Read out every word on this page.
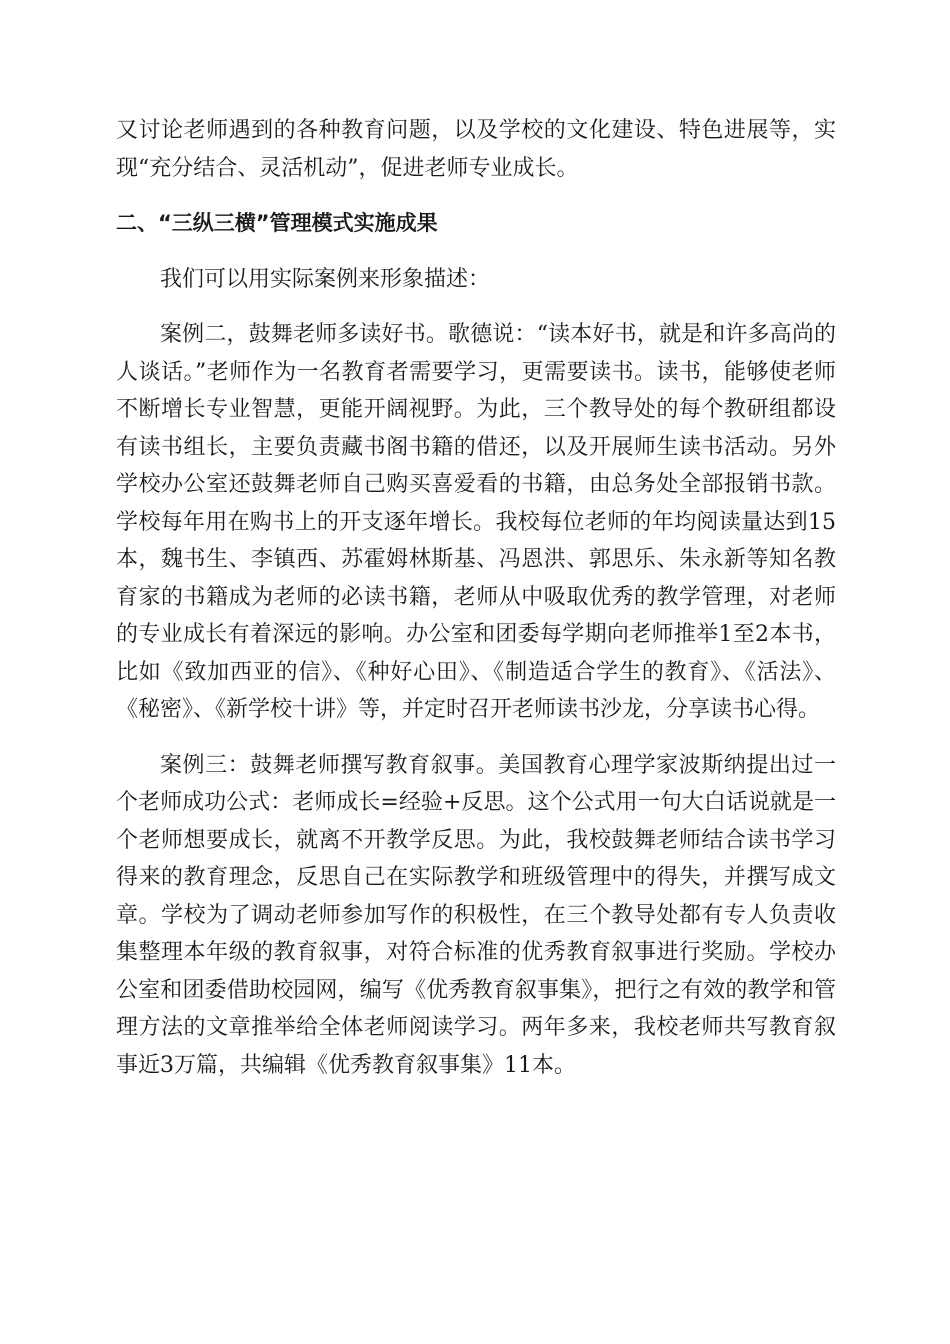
又讨论老师遇到的各种教育问题，以及学校的文化建设、特色进展等，实现“充分结合、灵活机动”，促进老师专业成长。

二、“三纵三横”管理模式实施成果

我们可以用实际案例来形象描述：

案例二，鼓舞老师多读好书。歌德说：“读本好书，就是和许多高尚的人谈话。”老师作为一名教育者需要学习，更需要读书。读书，能够使老师不断增长专业智慧，更能开阔视野。为此，三个教导处的每个教研组都设有读书组长，主要负责藏书阁书籍的借还，以及开展师生读书活动。另外学校办公室还鼓舞老师自己购买喜爱看的书籍，由总务处全部报销书款。学校每年用在购书上的开支逐年增长。我校每位老师的年均阅读量达到15本，魏书生、李镇西、苏霍姆林斯基、冯恩洪、郭思乐、朱永新等知名教育家的书籍成为老师的必读书籍，老师从中吸取优秀的教学管理，对老师的专业成长有着深远的影响。办公室和团委每学期向老师推举1至2本书，比如《致加西亚的信》、《种好心田》、《制造适合学生的教育》、《活法》、《秘密》、《新学校十讲》等，并定时召开老师读书沙龙，分享读书心得。

案例三：鼓舞老师撰写教育叙事。美国教育心理学家波斯纳提出过一个老师成功公式：老师成长=经验+反思。这个公式用一句大白话说就是一个老师想要成长，就离不开教学反思。为此，我校鼓舞老师结合读书学习得来的教育理念，反思自己在实际教学和班级管理中的得失，并撰写成文章。学校为了调动老师参加写作的积极性，在三个教导处都有专人负责收集整理本年级的教育叙事，对符合标准的优秀教育叙事进行奖励。学校办公室和团委借助校园网，编写《优秀教育叙事集》，把行之有效的教学和管理方法的文章推举给全体老师阅读学习。两年多来，我校老师共写教育叙事近3万篇，共编辑《优秀教育叙事集》11本。
